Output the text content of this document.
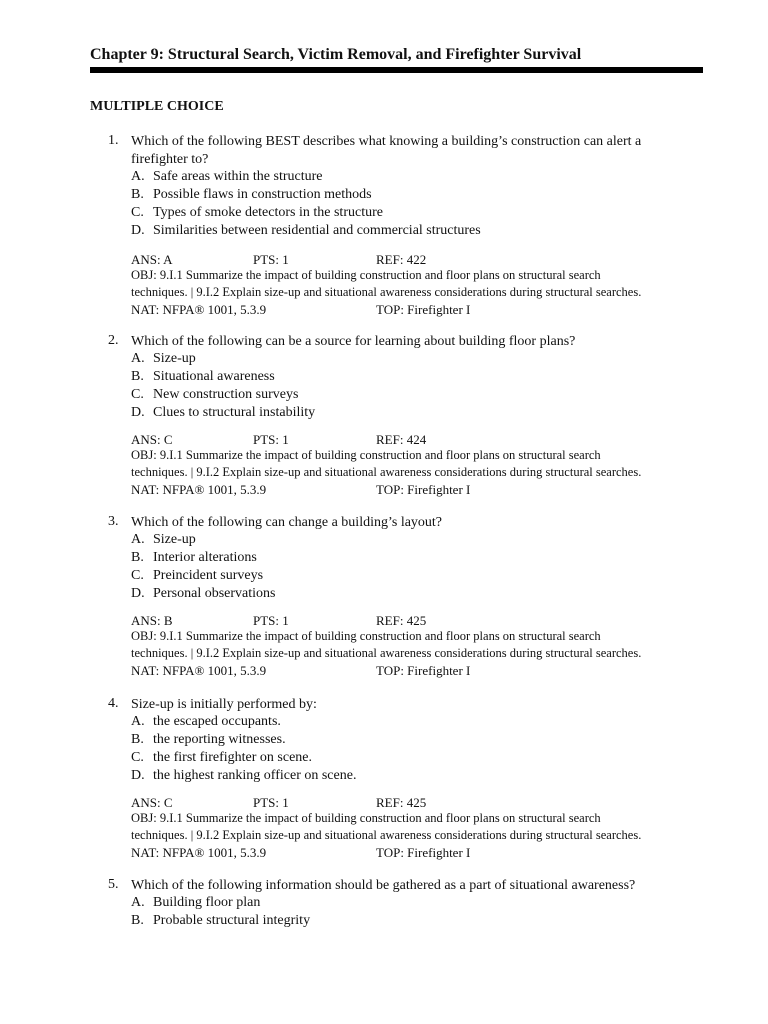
Chapter 9: Structural Search, Victim Removal, and Firefighter Survival
MULTIPLE CHOICE
1. Which of the following BEST describes what knowing a building’s construction can alert a firefighter to?
A. Safe areas within the structure
B. Possible flaws in construction methods
C. Types of smoke detectors in the structure
D. Similarities between residential and commercial structures
ANS: A	PTS: 1	REF: 422
OBJ: 9.I.1 Summarize the impact of building construction and floor plans on structural search
techniques. | 9.I.2 Explain size-up and situational awareness considerations during structural searches.
NAT: NFPA® 1001, 5.3.9	TOP: Firefighter I
2. Which of the following can be a source for learning about building floor plans?
A. Size-up
B. Situational awareness
C. New construction surveys
D. Clues to structural instability
ANS: C	PTS: 1	REF: 424
OBJ: 9.I.1 Summarize the impact of building construction and floor plans on structural search
techniques. | 9.I.2 Explain size-up and situational awareness considerations during structural searches.
NAT: NFPA® 1001, 5.3.9	TOP: Firefighter I
3. Which of the following can change a building’s layout?
A. Size-up
B. Interior alterations
C. Preincident surveys
D. Personal observations
ANS: B	PTS: 1	REF: 425
OBJ: 9.I.1 Summarize the impact of building construction and floor plans on structural search
techniques. | 9.I.2 Explain size-up and situational awareness considerations during structural searches.
NAT: NFPA® 1001, 5.3.9	TOP: Firefighter I
4. Size-up is initially performed by:
A. the escaped occupants.
B. the reporting witnesses.
C. the first firefighter on scene.
D. the highest ranking officer on scene.
ANS: C	PTS: 1	REF: 425
OBJ: 9.I.1 Summarize the impact of building construction and floor plans on structural search
techniques. | 9.I.2 Explain size-up and situational awareness considerations during structural searches.
NAT: NFPA® 1001, 5.3.9	TOP: Firefighter I
5. Which of the following information should be gathered as a part of situational awareness?
A. Building floor plan
B. Probable structural integrity
